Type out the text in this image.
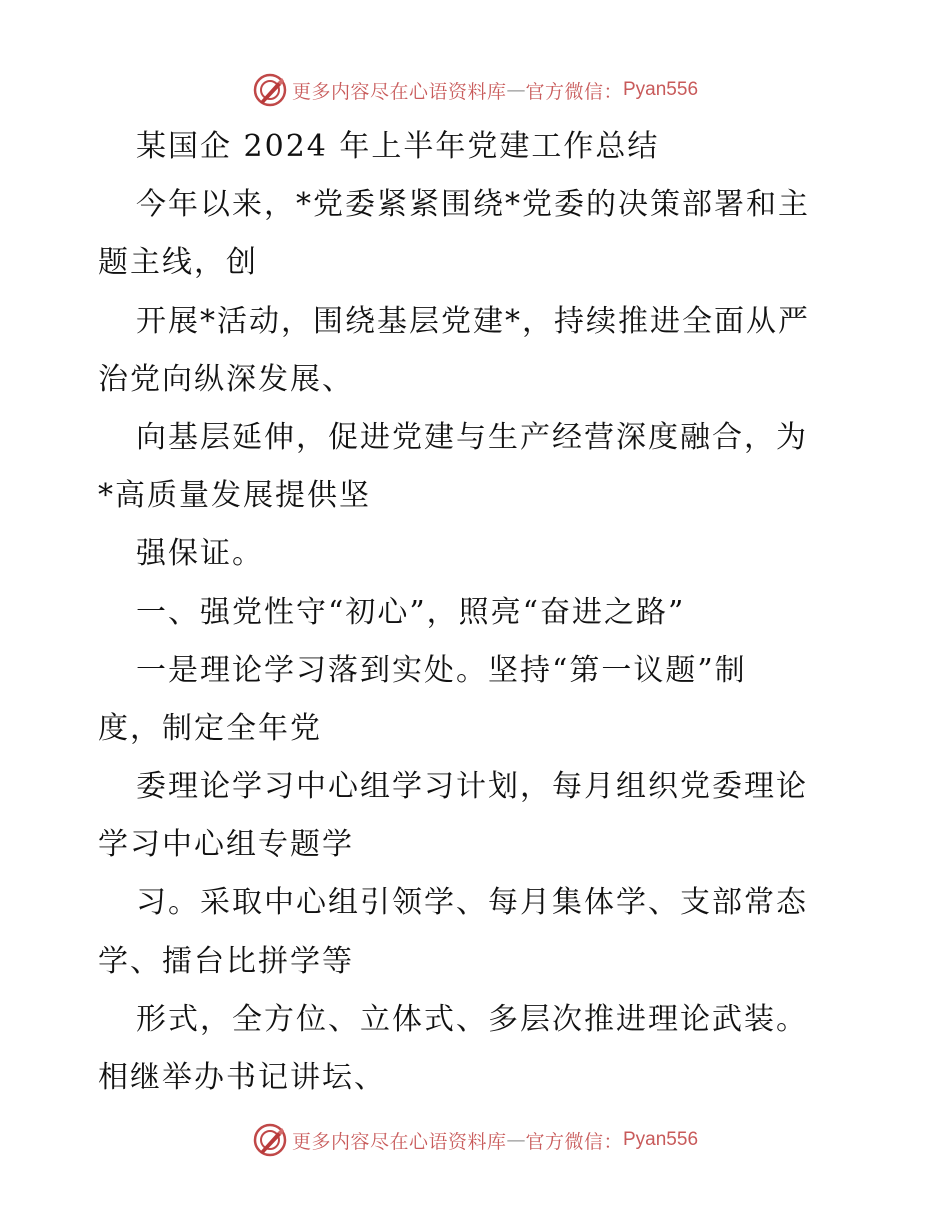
更多内容尽在心语资料库 — 官方微信： Pyan556
某国企 2024 年上半年党建工作总结
今年以来，*党委紧紧围绕*党委的决策部署和主
题主线，创
开展*活动，围绕基层党建*，持续推进全面从严
治党向纵深发展、
向基层延伸，促进党建与生产经营深度融合，为
*高质量发展提供坚
强保证。
一、强党性守“初心”，照亮“奋进之路”
一是理论学习落到实处。坚持“第一议题”制
度，制定全年党
委理论学习中心组学习计划，每月组织党委理论
学习中心组专题学
习。采取中心组引领学、每月集体学、支部常态
学、擂台比拼学等
形式，全方位、立体式、多层次推进理论武装。
相继举办书记讲坛、
更多内容尽在心语资料库 — 官方微信： Pyan556
